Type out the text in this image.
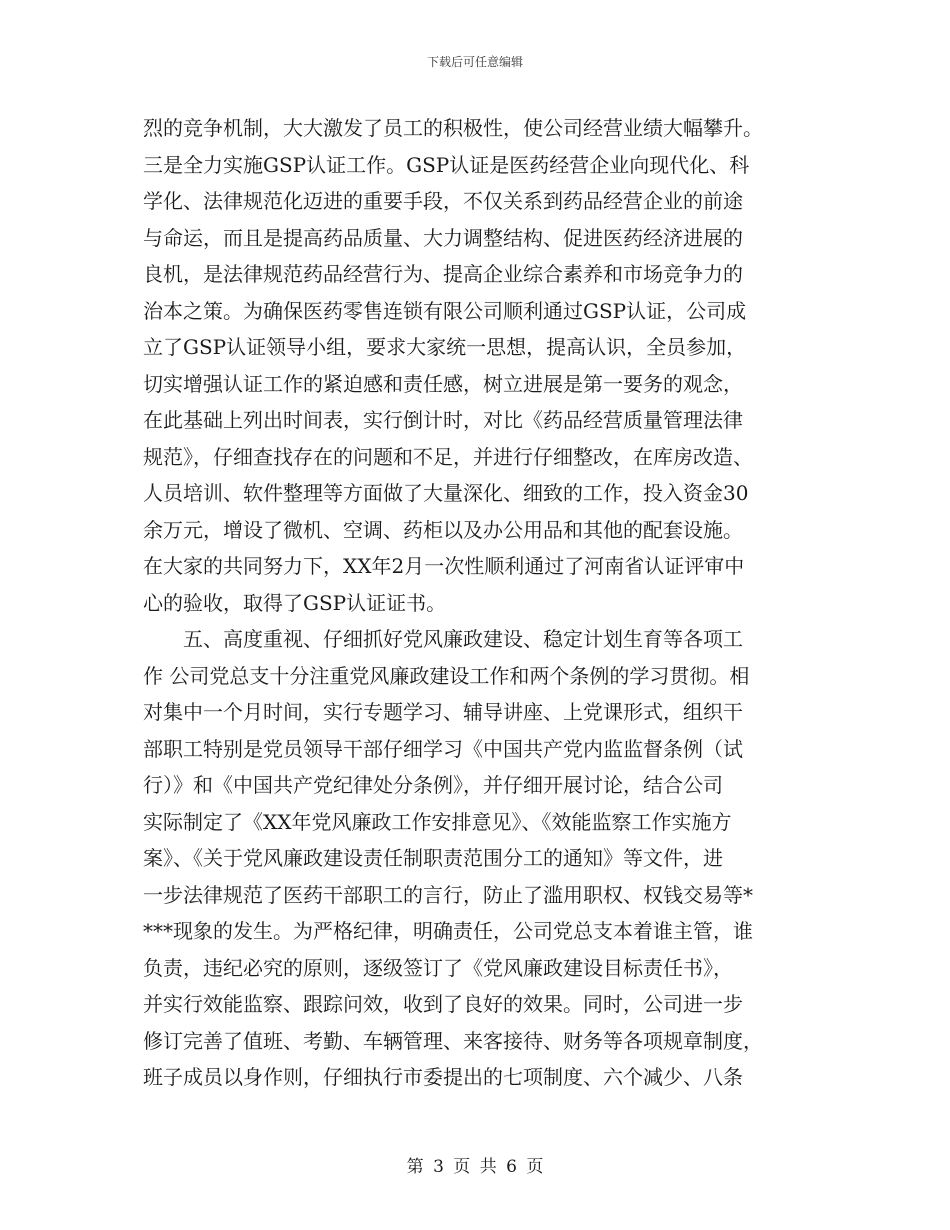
下载后可任意编辑
烈的竞争机制，大大激发了员工的积极性，使公司经营业绩大幅攀升。
三是全力实施GSP认证工作。GSP认证是医药经营企业向现代化、科
学化、法律规范化迈进的重要手段，不仅关系到药品经营企业的前途
与命运，而且是提高药品质量、大力调整结构、促进医药经济进展的
良机，是法律规范药品经营行为、提高企业综合素养和市场竞争力的
治本之策。为确保医药零售连锁有限公司顺利通过GSP认证，公司成
立了GSP认证领导小组，要求大家统一思想，提高认识，全员参加，
切实增强认证工作的紧迫感和责任感，树立进展是第一要务的观念，
在此基础上列出时间表，实行倒计时，对比《药品经营质量管理法律
规范》，仔细查找存在的问题和不足，并进行仔细整改，在库房改造、
人员培训、软件整理等方面做了大量深化、细致的工作，投入资金30
余万元，增设了微机、空调、药柜以及办公用品和其他的配套设施。
在大家的共同努力下，XX年2月一次性顺利通过了河南省认证评审中
心的验收，取得了GSP认证证书。
　　五、高度重视、仔细抓好党风廉政建设、稳定计划生育等各项工
作 公司党总支十分注重党风廉政建设工作和两个条例的学习贯彻。相
对集中一个月时间，实行专题学习、辅导讲座、上党课形式，组织干
部职工特别是党员领导干部仔细学习《中国共产党内监监督条例（试
行）》和《中国共产党纪律处分条例》，并仔细开展讨论，结合公司
实际制定了《XX年党风廉政工作安排意见》、《效能监察工作实施方
案》、《关于党风廉政建设责任制职责范围分工的通知》等文件，进
一步法律规范了医药干部职工的言行，防止了滥用职权、权钱交易等*
***现象的发生。为严格纪律，明确责任，公司党总支本着谁主管，谁
负责，违纪必究的原则，逐级签订了《党风廉政建设目标责任书》，
并实行效能监察、跟踪问效，收到了良好的效果。同时，公司进一步
修订完善了值班、考勤、车辆管理、来客接待、财务等各项规章制度，
班子成员以身作则，仔细执行市委提出的七项制度、六个减少、八条
第 3 页 共 6 页
